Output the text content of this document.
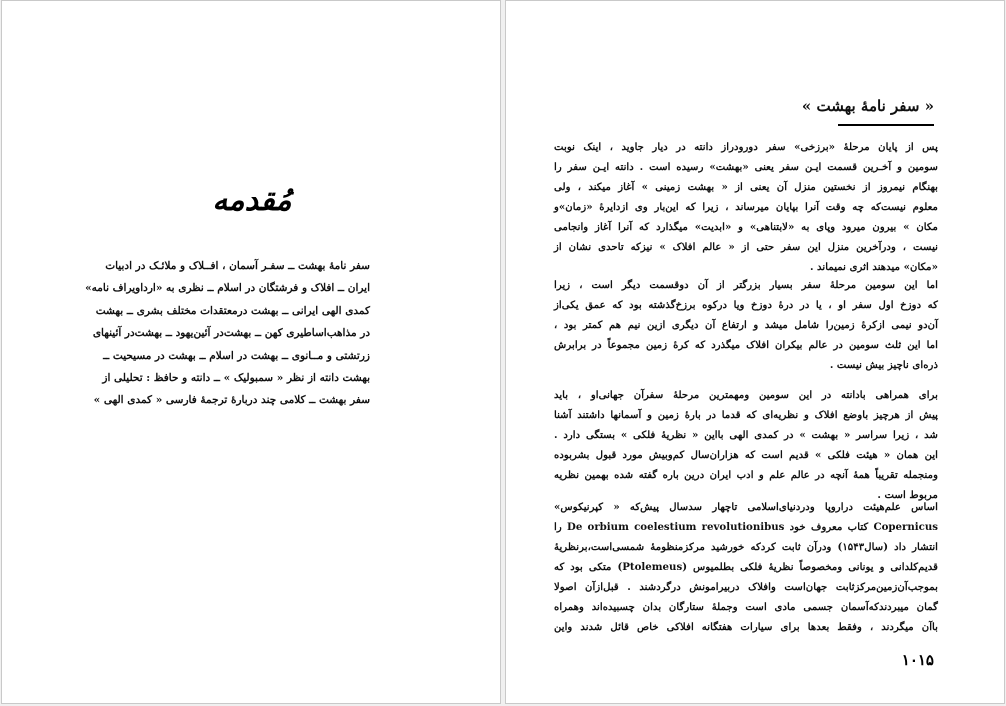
مُقدمه
سفر نامهٔ بهشت ــ سفـر آسمان ، افــلاک و ملائـک در ادبیات
ایران ــ افلاک و فرشتگان در اسلام ــ نظری به «ارداویراف نامه»
کمدی الهی ایرانی ــ بهشت درمعتقدات مختلف بشری ــ بهشت
در مذاهب‌اساطیری کهن ــ بهشت‌در آئین‌یهود ــ بهشت‌در آئینهای
زرتشتی و مــانوی ــ بهشت در اسلام ــ بهشت در مسیحیت ــ
بهشت دانته از نظر « سمبولیک » ــ دانته و حافظ : تحلیلی از
سفر بهشت ــ کلامی چند دربارهٔ ترجمهٔ فارسی « کمدی الهی »
« سفر نامهٔ بهشت »
پس از پایان مرحلهٔ «برزخی» سفر دورودراز دانته در دیار جاوید ، اینک نوبت
سومین و آخـرین قسمت ایـن سفر یعنی «بهشت» رسیده است . دانته ایـن سفر را
بهنگام نیمروز از نخستین منزل آن یعنی از « بهشت زمینی » آغاز میکند ، ولی
معلوم نیست‌که چه وقت آنرا بپایان میرساند ، زیرا که این‌بار وی ازدایرهٔ «زمان»و
مکان » بیرون میرود وپای به «لابتناهی» و «ابدیت» میگذارد که آنرا آغاز وانجامی
نیست ، ودرآخرین منزل این سفر حتی از « عالم افلاک » نیزکه تاحدی نشان از
«مکان» میدهند اثری نمیماند .
اما این سومین مرحلهٔ سفر بسیار بزرگتر از آن دوقسمت دیگر است ، زیرا
که دوزخ اول سفر او ، یا در درهٔ دوزخ ویا درکوه برزخ‌گذشته بود که عمق یکی‌از
آن‌دو نیمی ازکرهٔ زمین‌را شامل میشد و ارتفاع آن دیگری ازین نیم هم کمتر بود ،
اما این ثلث سومین در عالم بیکران افلاک میگذرد که کرهٔ زمین مجموعاً در برابرش
ذره‌ای ناچیز بیش نیست .
برای همراهی بادانته در این سومین ومهمترین مرحلهٔ سفرآن جهانی‌او ، باید
پیش از هرچیز باوضع افلاک و نظریه‌ای که قدما در بارهٔ زمین و آسمانها داشتند آشنا
شد ، زیرا سراسر « بهشت » در کمدی الهی بااین « نظریهٔ فلکی » بستگی دارد .
این همان « هیئت فلکی » قدیم است که هزاران‌سال کم‌وبیش مورد قبول بشربوده
ومنجمله تقریباً همهٔ آنچه در عالم علم و ادب ایران درین باره گفته شده بهمین نظریه
مربوط است .
اساس علم‌هیئت دراروپا ودردنیای‌اسلامی تاچهار سدسال پیش‌که « کپرنیکوس»
Copernicus کتاب معروف خود De orbium coelestium revolutionibus را
انتشار داد (سال۱۵۴۳) ودرآن ثابت کردکه خورشید مرکزمنظومهٔ شمسی‌است،برنظریهٔ
قدیم‌کلدانی و یونانی ومخصوصاً نظریهٔ فلکی بطلمیوس (Ptolemeus) متکی بود که
بموجب‌آن‌زمین‌مرکزثابت جهان‌است وافلاک دربیرامونش درگردشند . قبل‌ازآن اصولا
گمان میبردندکه‌آسمان جسمی مادی است وجملهٔ ستارگان بدان چسبیده‌اند وهمراه
باآن میگردند ، وفقط بعدها برای سیارات هفتگانه افلاکی خاص قائل شدند واین
۱۰۱۵
